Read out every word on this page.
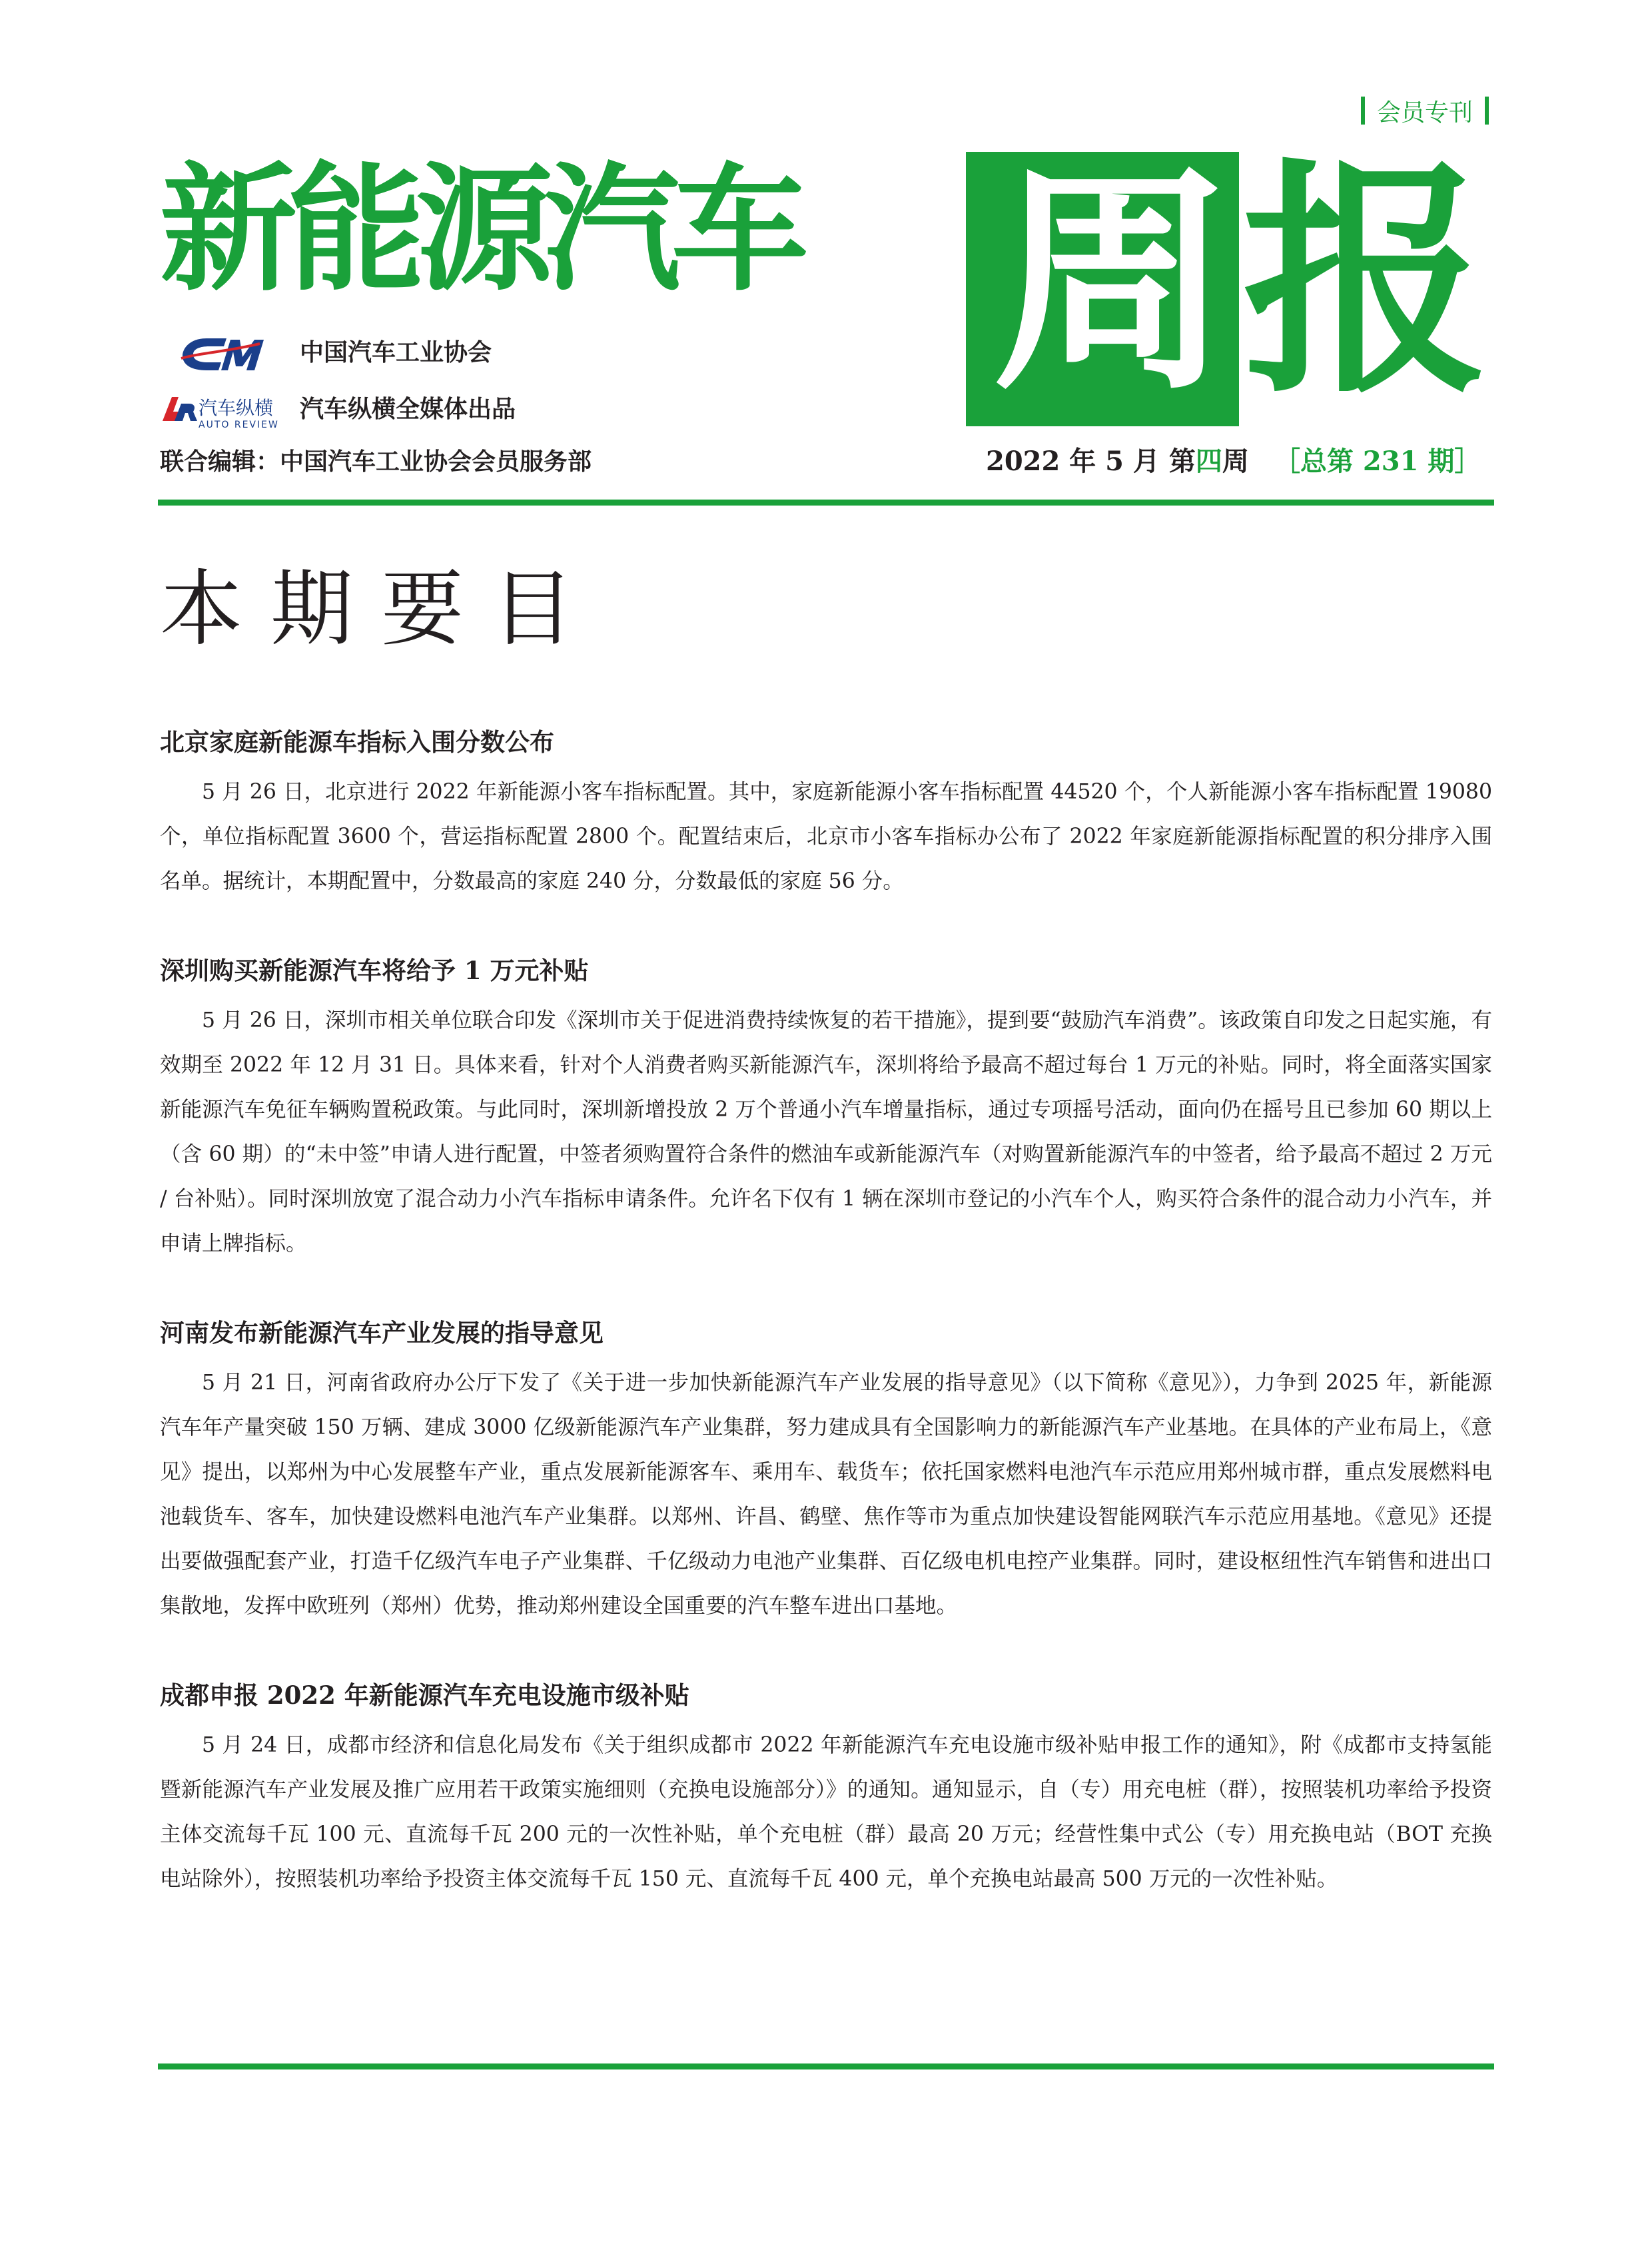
会员专刊
新能源汽车 周 报
中国汽车工业协会
汽车纵横
AUTO REVIEW
汽车纵横全媒体出品
联合编辑：中国汽车工业协会会员服务部	2022 年 5 月 第四周 ［总第 231 期］
本期要目
北京家庭新能源车指标入围分数公布

5 月 26 日，北京进行 2022 年新能源小客车指标配置。其中，家庭新能源小客车指标配置 44520 个，个人新能源小客车指标配置 19080 个，单位指标配置 3600 个，营运指标配置 2800 个。配置结束后，北京市小客车指标办公布了 2022 年家庭新能源指标配置的积分排序入围名单。据统计，本期配置中，分数最高的家庭 240 分，分数最低的家庭 56 分。

深圳购买新能源汽车将给予 1 万元补贴

5 月 26 日，深圳市相关单位联合印发《深圳市关于促进消费持续恢复的若干措施》，提到要“鼓励汽车消费”。该政策自印发之日起实施，有效期至 2022 年 12 月 31 日。具体来看，针对个人消费者购买新能源汽车，深圳将给予最高不超过每台 1 万元的补贴。同时，将全面落实国家新能源汽车免征车辆购置税政策。与此同时，深圳新增投放 2 万个普通小汽车增量指标，通过专项摇号活动，面向仍在摇号且已参加 60 期以上（含 60 期）的“未中签”申请人进行配置，中签者须购置符合条件的燃油车或新能源汽车（对购置新能源汽车的中签者，给予最高不超过 2 万元 / 台补贴）。同时深圳放宽了混合动力小汽车指标申请条件。允许名下仅有 1 辆在深圳市登记的小汽车个人，购买符合条件的混合动力小汽车，并申请上牌指标。

河南发布新能源汽车产业发展的指导意见

5 月 21 日，河南省政府办公厅下发了《关于进一步加快新能源汽车产业发展的指导意见》（以下简称《意见》），力争到 2025 年，新能源汽车年产量突破 150 万辆、建成 3000 亿级新能源汽车产业集群，努力建成具有全国影响力的新能源汽车产业基地。在具体的产业布局上，《意见》提出，以郑州为中心发展整车产业，重点发展新能源客车、乘用车、载货车；依托国家燃料电池汽车示范应用郑州城市群，重点发展燃料电池载货车、客车，加快建设燃料电池汽车产业集群。以郑州、许昌、鹤壁、焦作等市为重点加快建设智能网联汽车示范应用基地。《意见》还提出要做强配套产业，打造千亿级汽车电子产业集群、千亿级动力电池产业集群、百亿级电机电控产业集群。同时，建设枢纽性汽车销售和进出口集散地，发挥中欧班列（郑州）优势，推动郑州建设全国重要的汽车整车进出口基地。

成都申报 2022 年新能源汽车充电设施市级补贴

5 月 24 日，成都市经济和信息化局发布《关于组织成都市 2022 年新能源汽车充电设施市级补贴申报工作的通知》，附《成都市支持氢能暨新能源汽车产业发展及推广应用若干政策实施细则（充换电设施部分）》的通知。通知显示，自（专）用充电桩（群），按照装机功率给予投资主体交流每千瓦 100 元、直流每千瓦 200 元的一次性补贴，单个充电桩（群）最高 20 万元；经营性集中式公（专）用充换电站（BOT 充换电站除外），按照装机功率给予投资主体交流每千瓦 150 元、直流每千瓦 400 元，单个充换电站最高 500 万元的一次性补贴。
